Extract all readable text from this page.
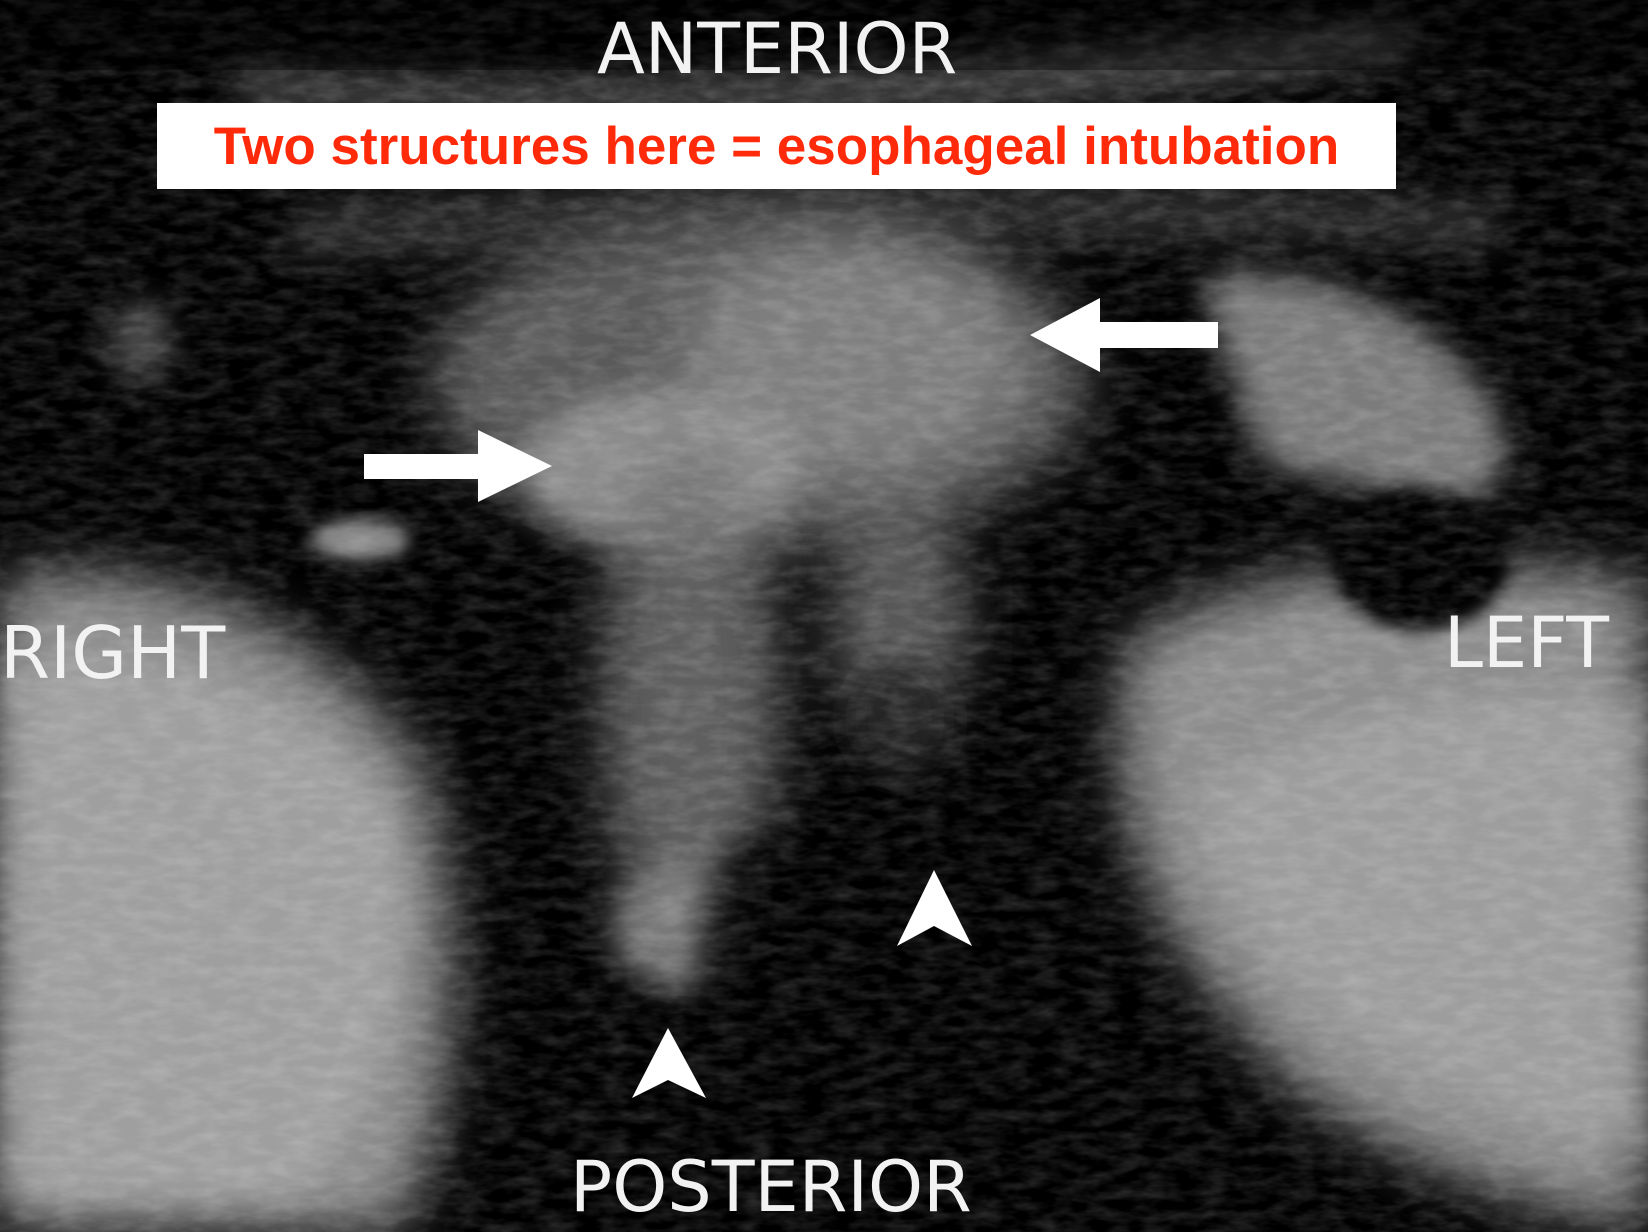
ANTERIOR
POSTERIOR
RIGHT	LEFT
Two structures here = esophageal intubation
